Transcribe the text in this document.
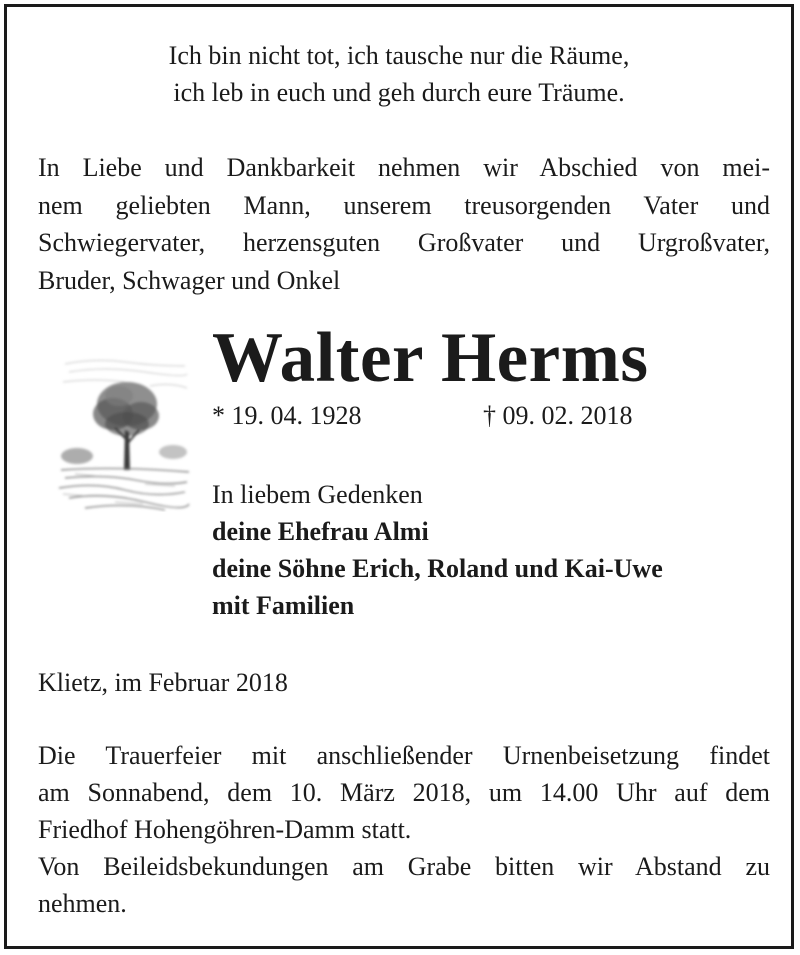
Ich bin nicht tot, ich tausche nur die Räume,
ich leb in euch und geh durch eure Träume.
In Liebe und Dankbarkeit nehmen wir Abschied von mei-
nem geliebten Mann, unserem treusorgenden Vater und
Schwiegervater, herzensguten Großvater und Urgroßvater,
Bruder, Schwager und Onkel
Walter Herms
* 19. 04. 1928	† 09. 02. 2018
In liebem Gedenken
deine Ehefrau Almi
deine Söhne Erich, Roland und Kai-Uwe
mit Familien
Klietz, im Februar 2018
Die Trauerfeier mit anschließender Urnenbeisetzung findet
am Sonnabend, dem 10. März 2018, um 14.00 Uhr auf dem
Friedhof Hohengöhren-Damm statt.
Von Beileidsbekundungen am Grabe bitten wir Abstand zu
nehmen.
